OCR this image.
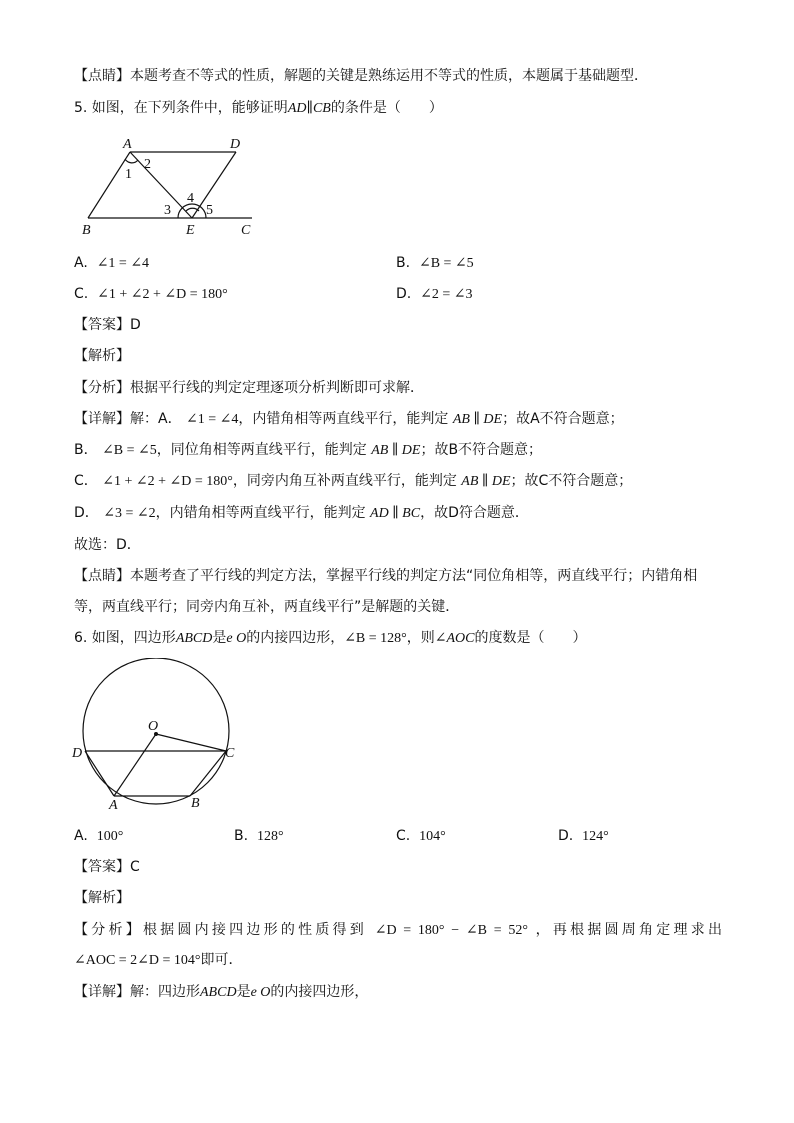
【点睛】本题考查不等式的性质，解题的关键是熟练运用不等式的性质，本题属于基础题型．
5. 如图，在下列条件中，能够证明AD∥CB的条件是（　　）
A	D
B	E	C
1
2
3
4
5
A. ∠1 = ∠4	B. ∠B = ∠5
C. ∠1 + ∠2 + ∠D = 180°	D. ∠2 = ∠3
【答案】D
【解析】
【分析】根据平行线的判定定理逐项分析判断即可求解．
【详解】解：A． ∠1 = ∠4，内错角相等两直线平行，能判定 AB ∥ DE；故A不符合题意；
B． ∠B = ∠5，同位角相等两直线平行，能判定 AB ∥ DE；故B不符合题意；
C． ∠1 + ∠2 + ∠D = 180°，同旁内角互补两直线平行，能判定 AB ∥ DE；故C不符合题意；
D． ∠3 = ∠2，内错角相等两直线平行，能判定 AD ∥ BC，故D符合题意．
故选：D．
【点睛】本题考查了平行线的判定方法，掌握平行线的判定方法“同位角相等，两直线平行；内错角相
等，两直线平行；同旁内角互补，两直线平行”是解题的关键．
6. 如图，四边形ABCD是e O的内接四边形，∠B = 128°，则∠AOC的度数是（　　）
O
D	C
A	B
A. 100°	B. 128°	C. 104°	D. 124°
【答案】C
【解析】
【分析】根据圆内接四边形的性质得到 ∠D = 180° − ∠B = 52° ，再根据圆周角定理求出
∠AOC = 2∠D = 104°即可．
【详解】解：四边形ABCD是e O的内接四边形，
